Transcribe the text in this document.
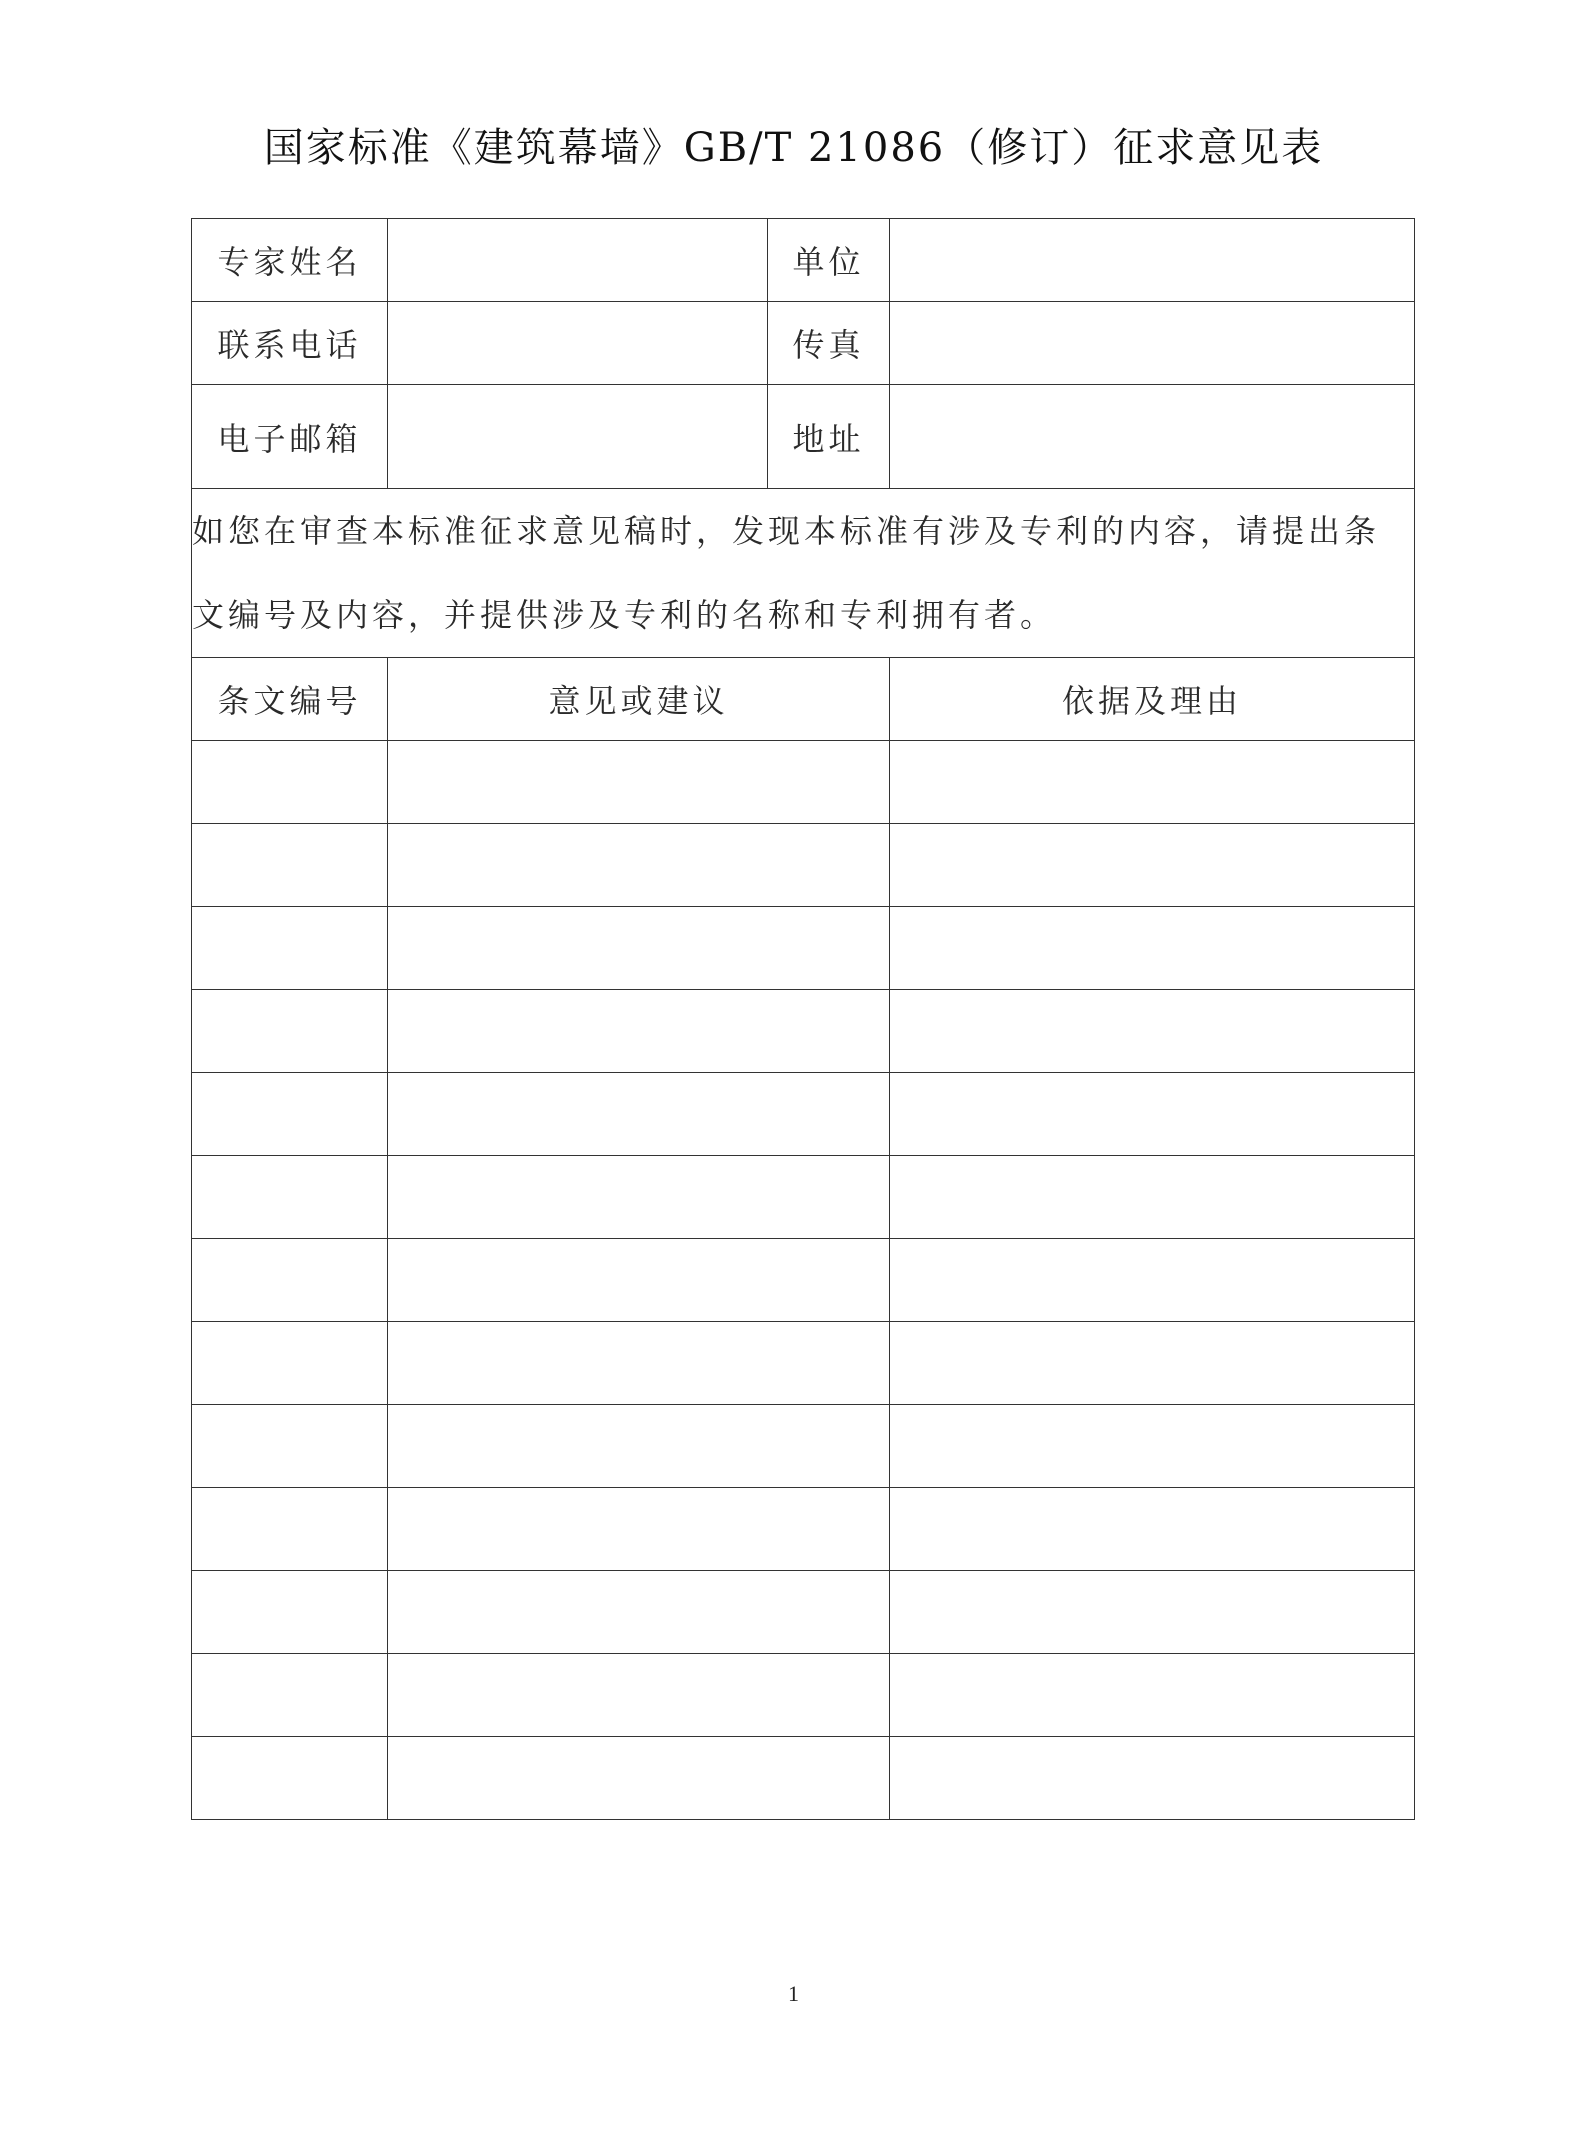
国家标准《建筑幕墙》GB/T 21086（修订）征求意见表
专家姓名		单位	
联系电话		传真	
电子邮箱		地址	
如您在审查本标准征求意见稿时，发现本标准有涉及专利的内容，请提出条文编号及内容，并提供涉及专利的名称和专利拥有者。			
条文编号	意见或建议		依据及理由

1
